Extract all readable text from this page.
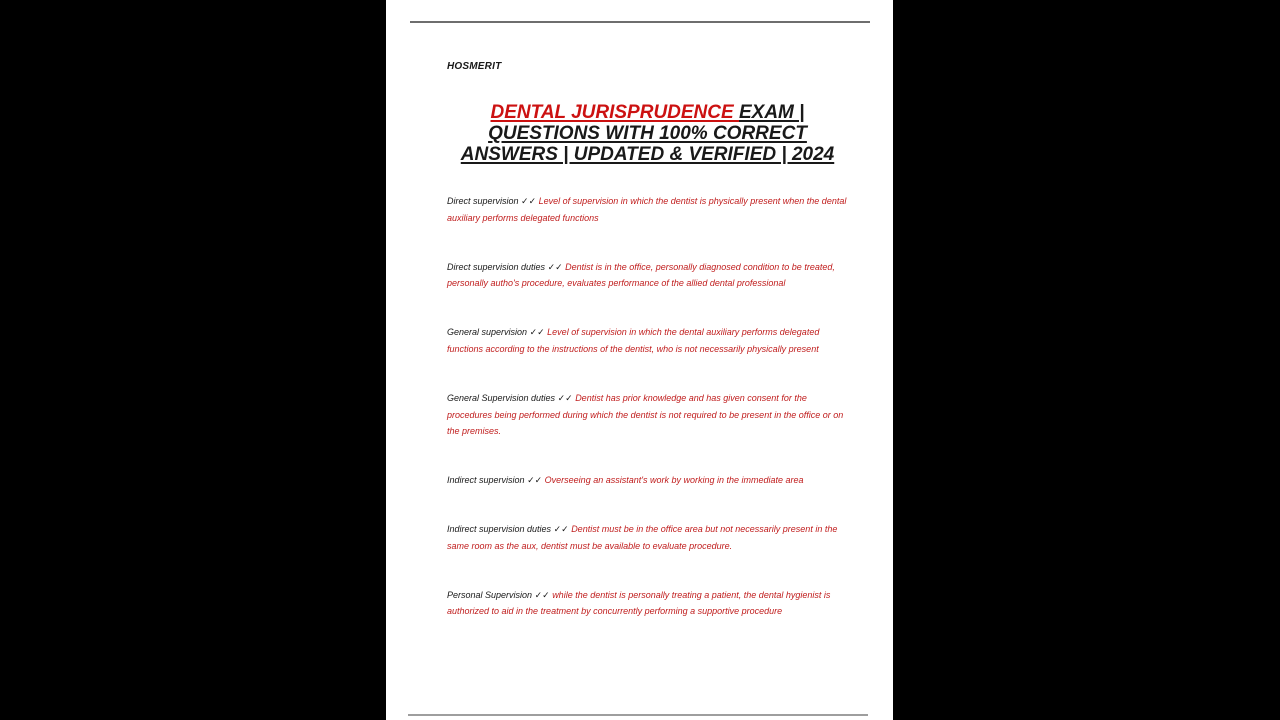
HOSMERIT
DENTAL JURISPRUDENCE EXAM |
QUESTIONS WITH 100% CORRECT
ANSWERS | UPDATED & VERIFIED | 2024

Direct supervision ✓✓ Level of supervision in which the dentist is physically present when the dental auxiliary performs delegated functions

Direct supervision duties ✓✓ Dentist is in the office, personally diagnosed condition to be treated, personally autho's procedure, evaluates performance of the allied dental professional

General supervision ✓✓ Level of supervision in which the dental auxiliary performs delegated functions according to the instructions of the dentist, who is not necessarily physically present

General Supervision duties ✓✓ Dentist has prior knowledge and has given consent for the procedures being performed during which the dentist is not required to be present in the office or on the premises.

Indirect supervision ✓✓ Overseeing an assistant's work by working in the immediate area

Indirect supervision duties ✓✓ Dentist must be in the office area but not necessarily present in the same room as the aux, dentist must be available to evaluate procedure.

Personal Supervision ✓✓ while the dentist is personally treating a patient, the dental hygienist is authorized to aid in the treatment by concurrently performing a supportive procedure
